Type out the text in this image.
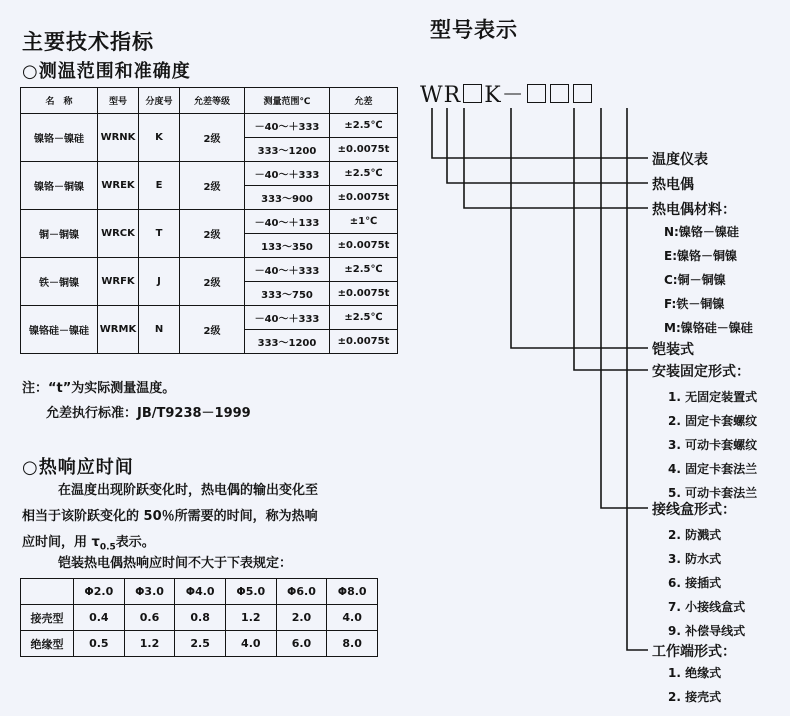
主要技术指标
○测温范围和准确度
名　称	型号	分度号	允差等级	测量范围℃	允差
镍铬－镍硅	WRNK	K	2级	－40～＋333	±2.5℃
				333～1200	±0.0075t
镍铬－铜镍	WREK	E	2级	－40～＋333	±2.5℃
				333～900	±0.0075t
铜－铜镍	WRCK	T	2级	－40～＋133	±1℃
				133～350	±0.0075t
铁－铜镍	WRFK	J	2级	－40～＋333	±2.5℃
				333～750	±0.0075t
镍铬硅－镍硅	WRMK	N	2级	－40～＋333	±2.5℃
				333～1200	±0.0075t
注：“t”为实际测量温度。
允差执行标准：JB/T9238－1999
○热响应时间
在温度出现阶跃变化时，热电偶的输出变化至
相当于该阶跃变化的 50％所需要的时间，称为热响
应时间，用 $\tau_{0.5}$表示。
铠装热电偶热响应时间不大于下表规定：
	Φ2.0	Φ3.0	Φ4.0	Φ5.0	Φ6.0	Φ8.0
接壳型	0.4	0.6	0.8	1.2	2.0	4.0
绝缘型	0.5	1.2	2.5	4.0	6.0	8.0
型号表示
WR K－
温度仪表
热电偶
热电偶材料：
N:镍铬－镍硅
E:镍铬－铜镍
C:铜－铜镍
F:铁－铜镍
M:镍铬硅－镍硅
铠装式
安装固定形式：
1. 无固定装置式
2. 固定卡套螺纹
3. 可动卡套螺纹
4. 固定卡套法兰
5. 可动卡套法兰
接线盒形式：
2. 防溅式
3. 防水式
6. 接插式
7. 小接线盒式
9. 补偿导线式
工作端形式：
1. 绝缘式
2. 接壳式
